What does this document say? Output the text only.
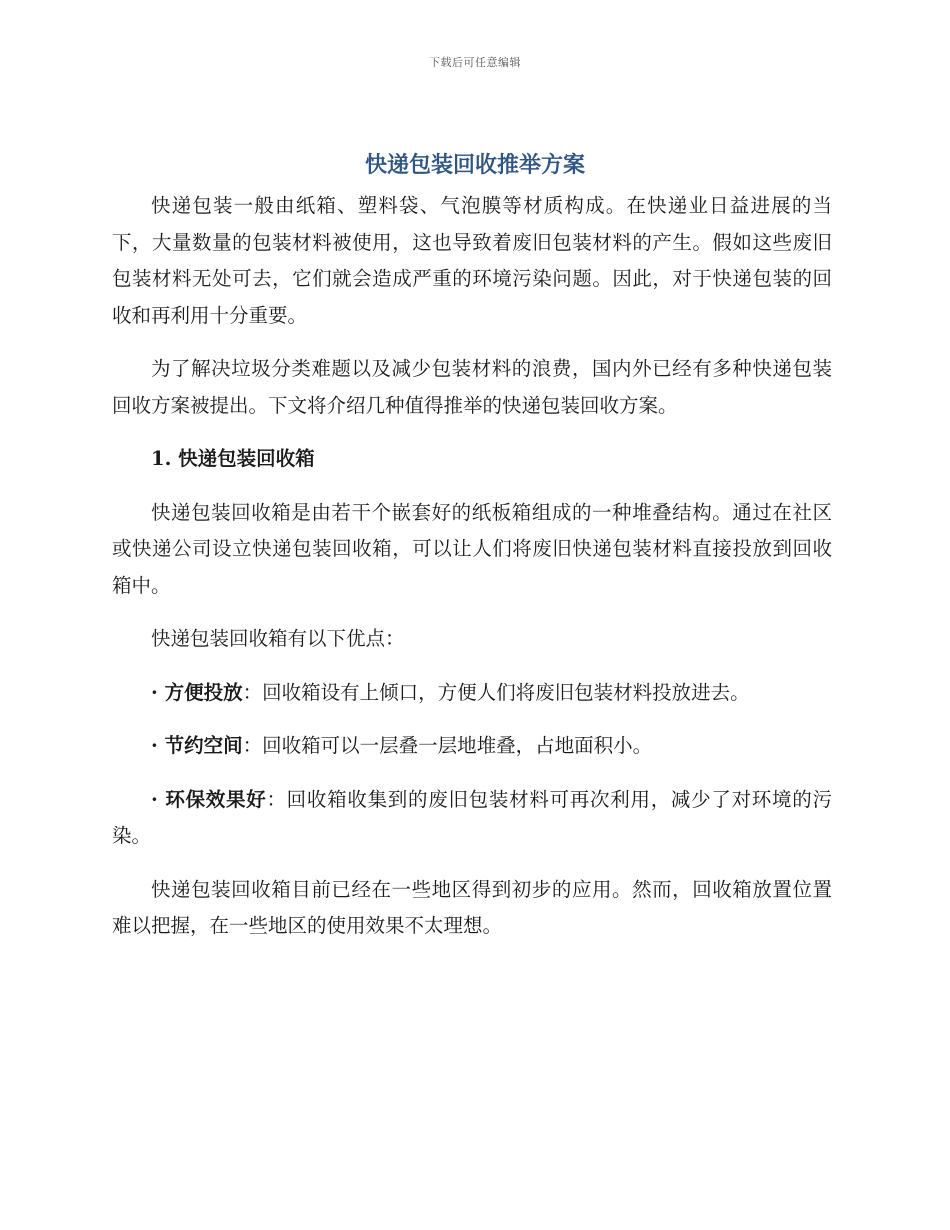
下载后可任意编辑
快递包装回收推举方案

快递包装一般由纸箱、塑料袋、气泡膜等材质构成。在快递业日益进展的当下，大量数量的包装材料被使用，这也导致着废旧包装材料的产生。假如这些废旧包装材料无处可去，它们就会造成严重的环境污染问题。因此，对于快递包装的回收和再利用十分重要。

为了解决垃圾分类难题以及减少包装材料的浪费，国内外已经有多种快递包装回收方案被提出。下文将介绍几种值得推举的快递包装回收方案。

1. 快递包装回收箱

快递包装回收箱是由若干个嵌套好的纸板箱组成的一种堆叠结构。通过在社区或快递公司设立快递包装回收箱，可以让人们将废旧快递包装材料直接投放到回收箱中。

快递包装回收箱有以下优点：

· 方便投放：回收箱设有上倾口，方便人们将废旧包装材料投放进去。

· 节约空间：回收箱可以一层叠一层地堆叠，占地面积小。

· 环保效果好：回收箱收集到的废旧包装材料可再次利用，减少了对环境的污染。

快递包装回收箱目前已经在一些地区得到初步的应用。然而，回收箱放置位置难以把握，在一些地区的使用效果不太理想。
